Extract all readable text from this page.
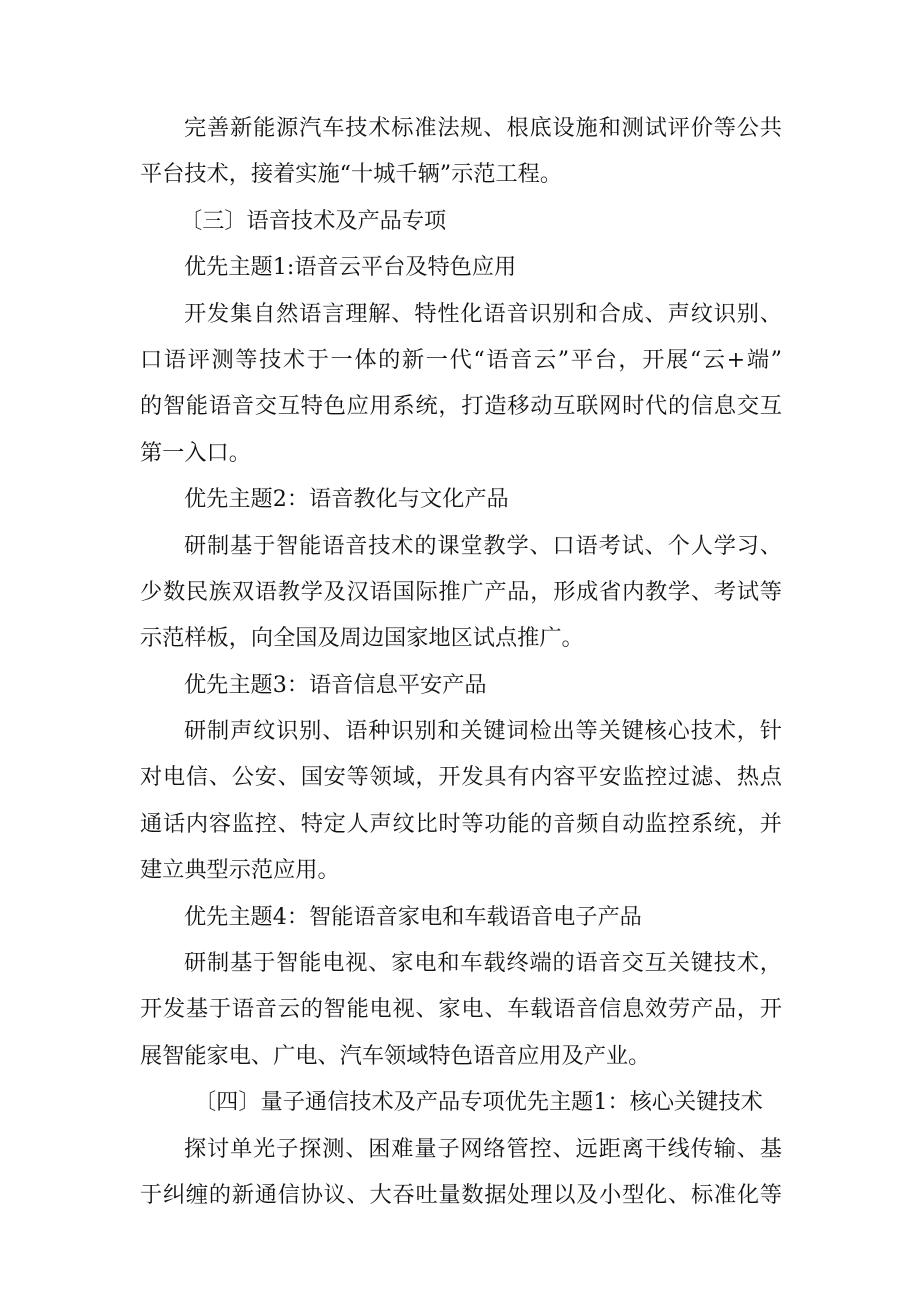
完善新能源汽车技术标准法规、根底设施和测试评价等公共
平台技术，接着实施“十城千辆”示范工程。
〔三〕语音技术及产品专项
优先主题1:语音云平台及特色应用
开发集自然语言理解、特性化语音识别和合成、声纹识别、
口语评测等技术于一体的新一代“语音云”平台，开展“云+端”
的智能语音交互特色应用系统，打造移动互联网时代的信息交互
第一入口。
优先主题2：语音教化与文化产品
研制基于智能语音技术的课堂教学、口语考试、个人学习、
少数民族双语教学及汉语国际推广产品，形成省内教学、考试等
示范样板，向全国及周边国家地区试点推广。
优先主题3：语音信息平安产品
研制声纹识别、语种识别和关键词检出等关键核心技术，针
对电信、公安、国安等领域，开发具有内容平安监控过滤、热点
通话内容监控、特定人声纹比时等功能的音频自动监控系统，并
建立典型示范应用。
优先主题4：智能语音家电和车载语音电子产品
研制基于智能电视、家电和车载终端的语音交互关键技术，
开发基于语音云的智能电视、家电、车载语音信息效劳产品，开
展智能家电、广电、汽车领域特色语音应用及产业。
〔四〕量子通信技术及产品专项优先主题1：核心关键技术
探讨单光子探测、困难量子网络管控、远距离干线传输、基
于纠缠的新通信协议、大吞吐量数据处理以及小型化、标准化等
